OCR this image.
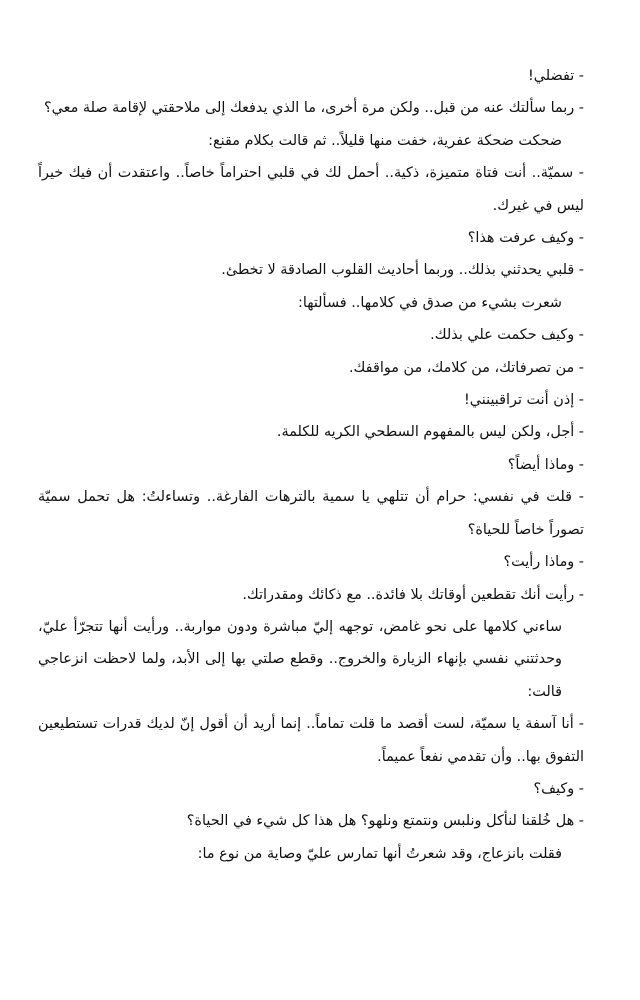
- تفضلي!

- ربما سألتك عنه من قبل.. ولكن مرة أخرى، ما الذي يدفعك إلى ملاحقتي لإقامة صلة معي؟

ضحكت ضحكة عفرية، خفت منها قليلاً.. ثم قالت بكلام مقنع:

- سميّة.. أنت فتاة متميزة، ذكية.. أحمل لك في قلبي احتراماً خاصاً.. واعتقدت أن فيك خيراً ليس في غيرك.

- وكيف عرفت هذا؟

- قلبي يحدثني بذلك.. وربما أحاديث القلوب الصادقة لا تخطئ.

شعرت بشيء من صدق في كلامها.. فسألتها:

- وكيف حكمت علي بذلك.

- من تصرفاتك، من كلامك، من مواقفك.

- إذن أنت تراقبينني!

- أجل، ولكن ليس بالمفهوم السطحي الكريه للكلمة.

- وماذا أيضاً؟

- قلت في نفسي: حرام أن تتلهي يا سمية بالترهات الفارغة.. وتساءلتُ: هل تحمل سميّة تصوراً خاصاً للحياة؟

- وماذا رأيت؟

- رأيت أنك تقطعين أوقاتك بلا فائدة.. مع ذكائك ومقدراتك.

ساءني كلامها على نحو غامض، توجهه إليّ مباشرة ودون مواربة.. ورأيت أنها تتجرّأ عليّ، وحدثتني نفسي بإنهاء الزيارة والخروج.. وقطع صلتي بها إلى الأبد، ولما لاحظت انزعاجي قالت:

- أنا آسفة يا سميّة، لست أقصد ما قلت تماماً.. إنما أريد أن أقول إنّ لديك قدرات تستطيعين التفوق بها.. وأن تقدمي نفعاً عميماً.

- وكيف؟

- هل خُلقنا لنأكل ونلبس ونتمتع ونلهو؟ هل هذا كل شيء في الحياة؟

فقلت بانزعاج، وقد شعرتُ أنها تمارس عليّ وصاية من نوع ما:
